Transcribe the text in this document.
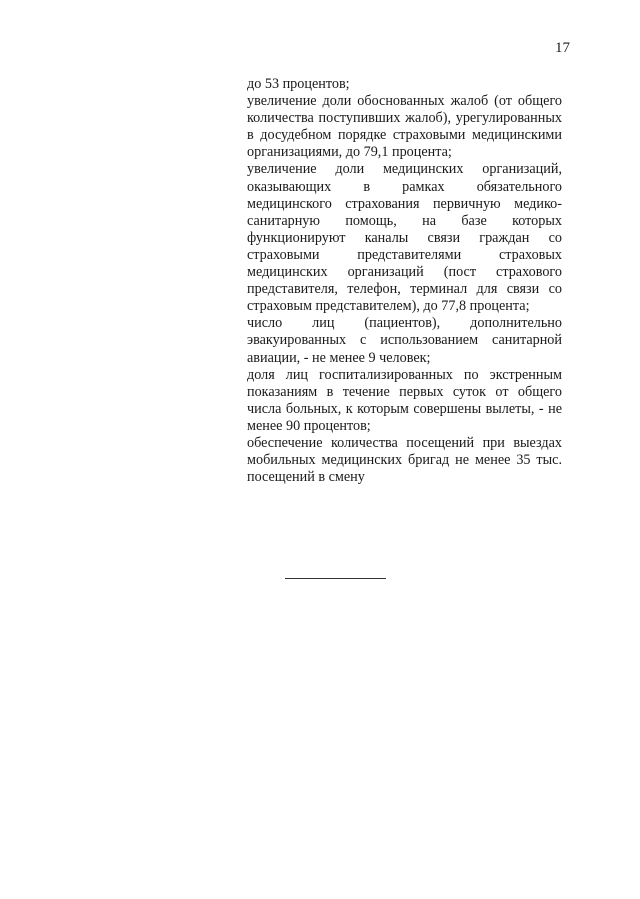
17

до 53 процентов;

увеличение доли обоснованных жалоб (от общего количества поступивших жалоб), урегулированных в досудебном порядке страховыми медицинскими организациями, до 79,1 процента;

увеличение доли медицинских организаций, оказывающих в рамках обязательного медицинского страхования первичную медико-санитарную помощь, на базе которых функционируют каналы связи граждан со страховыми представителями страховых медицинских организаций (пост страхового представителя, телефон, терминал для связи со страховым представителем), до 77,8 процента;

число лиц (пациентов), дополнительно эвакуированных с использованием санитарной авиации, - не менее 9 человек;

доля лиц госпитализированных по экстренным показаниям в течение первых суток от общего числа больных, к которым совершены вылеты, - не менее 90 процентов;

обеспечение количества посещений при выездах мобильных медицинских бригад не менее 35 тыс. посещений в смену
